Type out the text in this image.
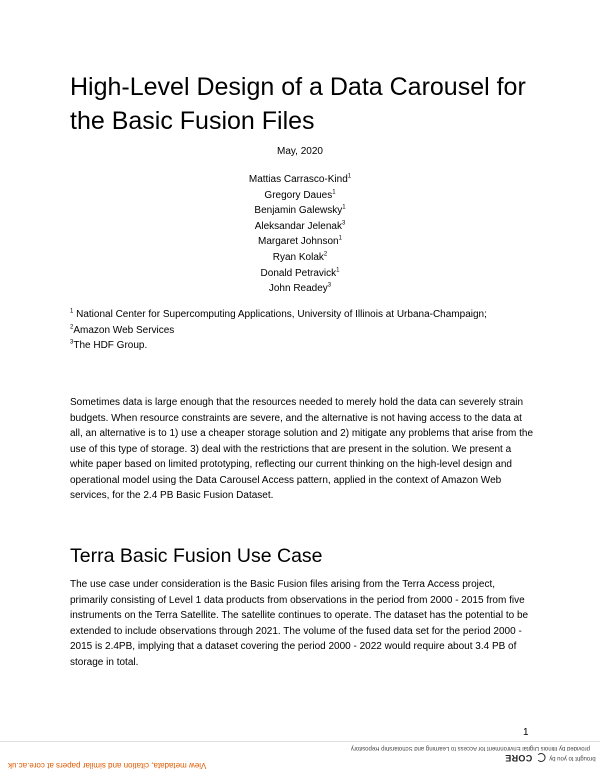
High-Level Design of a Data Carousel for the Basic Fusion Files
May, 2020
Mattias Carrasco-Kind$^1$
Gregory Daues$^1$
Benjamin Galewsky$^1$
Aleksandar Jelenak$^3$
Margaret Johnson$^1$
Ryan Kolak$^2$
Donald Petravick$^1$
John Readey$^3$
$^1$ National Center for Supercomputing Applications, University of Illinois at Urbana-Champaign;
$^2$Amazon Web Services
$^3$The HDF Group.

Sometimes data is large enough that the resources needed to merely hold the data can severely strain budgets. When resource constraints are severe, and the alternative is not having access to the data at all, an alternative is to 1) use a cheaper storage solution and 2) mitigate any problems that arise from the use of this type of storage. 3) deal with the restrictions that are present in the solution. We present a white paper based on limited prototyping, reflecting our current thinking on the high-level design and operational model using the Data Carousel Access pattern, applied in the context of Amazon Web services, for the 2.4 PB Basic Fusion Dataset.

Terra Basic Fusion Use Case

The use case under consideration is the Basic Fusion files arising from the Terra Access project, primarily consisting of Level 1 data products from observations in the period from 2000 - 2015 from five instruments on the Terra Satellite. The satellite continues to operate. The dataset has the potential to be extended to include observations through 2021. The volume of the fused data set for the period 2000 - 2015 is 2.4PB, implying that a dataset covering the period 2000 - 2022 would require about 3.4 PB of storage in total.

1
provided by Illinois Digital Environment for Access to Learning and Scholarship Repository
brought to you by
CORE
View metadata, citation and similar papers at core.ac.uk
